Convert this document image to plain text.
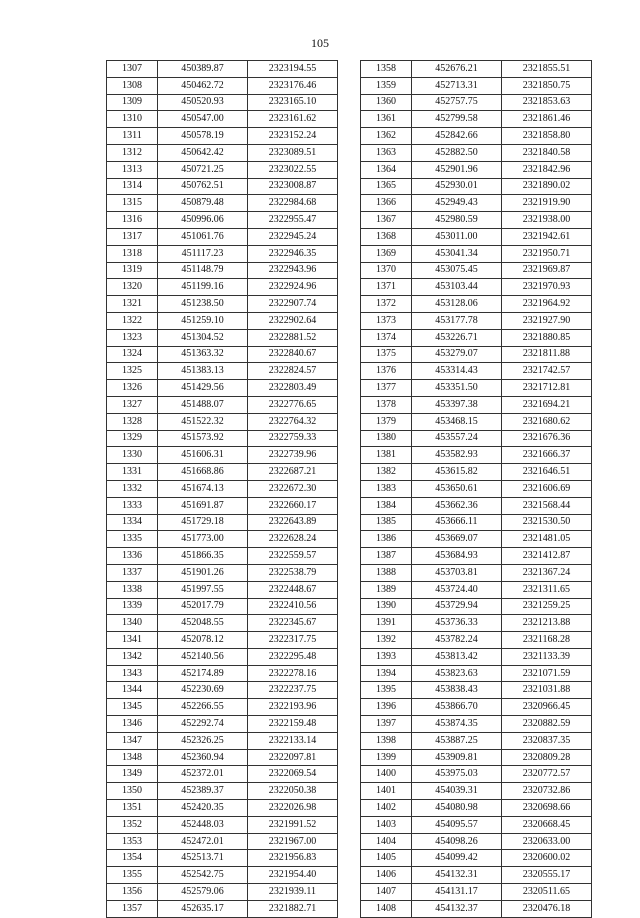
105
1307	450389.87	2323194.55
1308	450462.72	2323176.46
1309	450520.93	2323165.10
1310	450547.00	2323161.62
1311	450578.19	2323152.24
1312	450642.42	2323089.51
1313	450721.25	2323022.55
1314	450762.51	2323008.87
1315	450879.48	2322984.68
1316	450996.06	2322955.47
1317	451061.76	2322945.24
1318	451117.23	2322946.35
1319	451148.79	2322943.96
1320	451199.16	2322924.96
1321	451238.50	2322907.74
1322	451259.10	2322902.64
1323	451304.52	2322881.52
1324	451363.32	2322840.67
1325	451383.13	2322824.57
1326	451429.56	2322803.49
1327	451488.07	2322776.65
1328	451522.32	2322764.32
1329	451573.92	2322759.33
1330	451606.31	2322739.96
1331	451668.86	2322687.21
1332	451674.13	2322672.30
1333	451691.87	2322660.17
1334	451729.18	2322643.89
1335	451773.00	2322628.24
1336	451866.35	2322559.57
1337	451901.26	2322538.79
1338	451997.55	2322448.67
1339	452017.79	2322410.56
1340	452048.55	2322345.67
1341	452078.12	2322317.75
1342	452140.56	2322295.48
1343	452174.89	2322278.16
1344	452230.69	2322237.75
1345	452266.55	2322193.96
1346	452292.74	2322159.48
1347	452326.25	2322133.14
1348	452360.94	2322097.81
1349	452372.01	2322069.54
1350	452389.37	2322050.38
1351	452420.35	2322026.98
1352	452448.03	2321991.52
1353	452472.01	2321967.00
1354	452513.71	2321956.83
1355	452542.75	2321954.40
1356	452579.06	2321939.11
1357	452635.17	2321882.71
1358	452676.21	2321855.51
1359	452713.31	2321850.75
1360	452757.75	2321853.63
1361	452799.58	2321861.46
1362	452842.66	2321858.80
1363	452882.50	2321840.58
1364	452901.96	2321842.96
1365	452930.01	2321890.02
1366	452949.43	2321919.90
1367	452980.59	2321938.00
1368	453011.00	2321942.61
1369	453041.34	2321950.71
1370	453075.45	2321969.87
1371	453103.44	2321970.93
1372	453128.06	2321964.92
1373	453177.78	2321927.90
1374	453226.71	2321880.85
1375	453279.07	2321811.88
1376	453314.43	2321742.57
1377	453351.50	2321712.81
1378	453397.38	2321694.21
1379	453468.15	2321680.62
1380	453557.24	2321676.36
1381	453582.93	2321666.37
1382	453615.82	2321646.51
1383	453650.61	2321606.69
1384	453662.36	2321568.44
1385	453666.11	2321530.50
1386	453669.07	2321481.05
1387	453684.93	2321412.87
1388	453703.81	2321367.24
1389	453724.40	2321311.65
1390	453729.94	2321259.25
1391	453736.33	2321213.88
1392	453782.24	2321168.28
1393	453813.42	2321133.39
1394	453823.63	2321071.59
1395	453838.43	2321031.88
1396	453866.70	2320966.45
1397	453874.35	2320882.59
1398	453887.25	2320837.35
1399	453909.81	2320809.28
1400	453975.03	2320772.57
1401	454039.31	2320732.86
1402	454080.98	2320698.66
1403	454095.57	2320668.45
1404	454098.26	2320633.00
1405	454099.42	2320600.02
1406	454132.31	2320555.17
1407	454131.17	2320511.65
1408	454132.37	2320476.18
